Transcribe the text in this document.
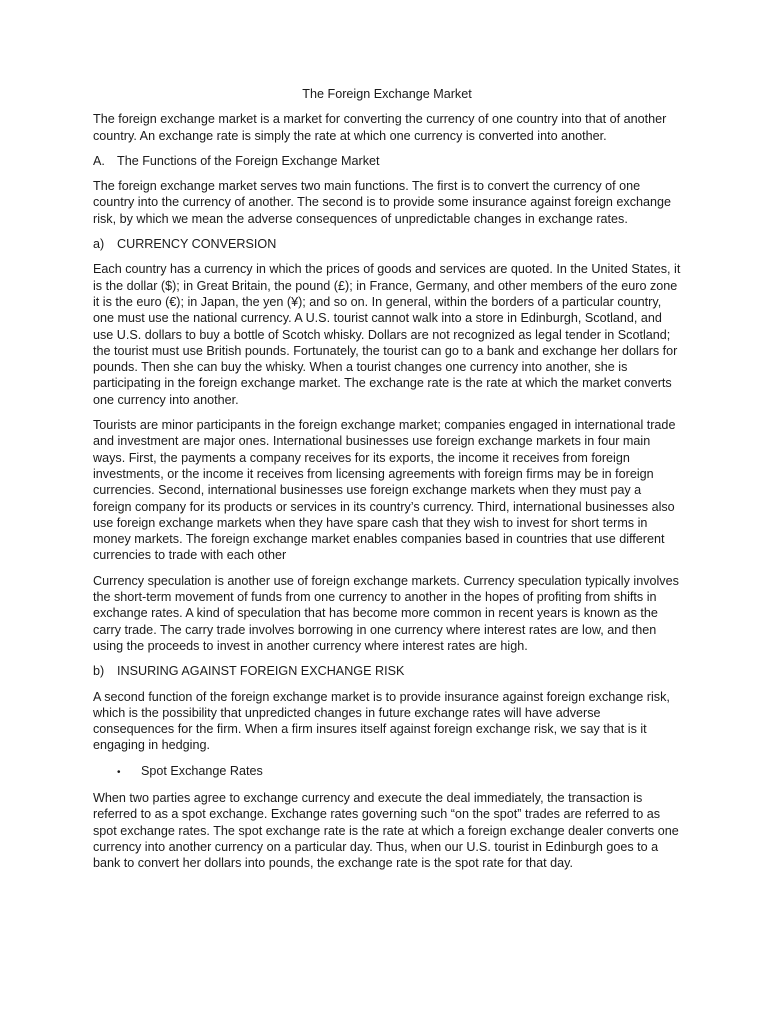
The Foreign Exchange Market

The foreign exchange market is a market for converting the currency of one country into that of another country. An exchange rate is simply the rate at which one currency is converted into another.

A. The Functions of the Foreign Exchange Market

The foreign exchange market serves two main functions. The first is to convert the currency of one country into the currency of another. The second is to provide some insurance against foreign exchange risk, by which we mean the adverse consequences of unpredictable changes in exchange rates.

a)	CURRENCY CONVERSION

Each country has a currency in which the prices of goods and services are quoted. In the United States, it is the dollar ($); in Great Britain, the pound (£); in France, Germany, and other members of the euro zone it is the euro (€); in Japan, the yen (¥); and so on. In general, within the borders of a particular country, one must use the national currency. A U.S. tourist cannot walk into a store in Edinburgh, Scotland, and use U.S. dollars to buy a bottle of Scotch whisky. Dollars are not recognized as legal tender in Scotland; the tourist must use British pounds. Fortunately, the tourist can go to a bank and exchange her dollars for pounds. Then she can buy the whisky. When a tourist changes one currency into another, she is participating in the foreign exchange market. The exchange rate is the rate at which the market converts one currency into another.

Tourists are minor participants in the foreign exchange market; companies engaged in international trade and investment are major ones. International businesses use foreign exchange markets in four main ways. First, the payments a company receives for its exports, the income it receives from foreign investments, or the income it receives from licensing agreements with foreign firms may be in foreign currencies. Second, international businesses use foreign exchange markets when they must pay a foreign company for its products or services in its country’s currency. Third, international businesses also use foreign exchange markets when they have spare cash that they wish to invest for short terms in money markets. The foreign exchange market enables companies based in countries that use different currencies to trade with each other

Currency speculation is another use of foreign exchange markets. Currency speculation typically involves the short-term movement of funds from one currency to another in the hopes of profiting from shifts in exchange rates. A kind of speculation that has become more common in recent years is known as the carry trade. The carry trade involves borrowing in one currency where interest rates are low, and then using the proceeds to invest in another currency where interest rates are high.

b)	INSURING AGAINST FOREIGN EXCHANGE RISK

A second function of the foreign exchange market is to provide insurance against foreign exchange risk, which is the possibility that unpredicted changes in future exchange rates will have adverse consequences for the firm. When a firm insures itself against foreign exchange risk, we say that is it engaging in hedging.

•	Spot Exchange Rates

When two parties agree to exchange currency and execute the deal immediately, the transaction is referred to as a spot exchange. Exchange rates governing such “on the spot” trades are referred to as spot exchange rates. The spot exchange rate is the rate at which a foreign exchange dealer converts one currency into another currency on a particular day. Thus, when our U.S. tourist in Edinburgh goes to a bank to convert her dollars into pounds, the exchange rate is the spot rate for that day.
